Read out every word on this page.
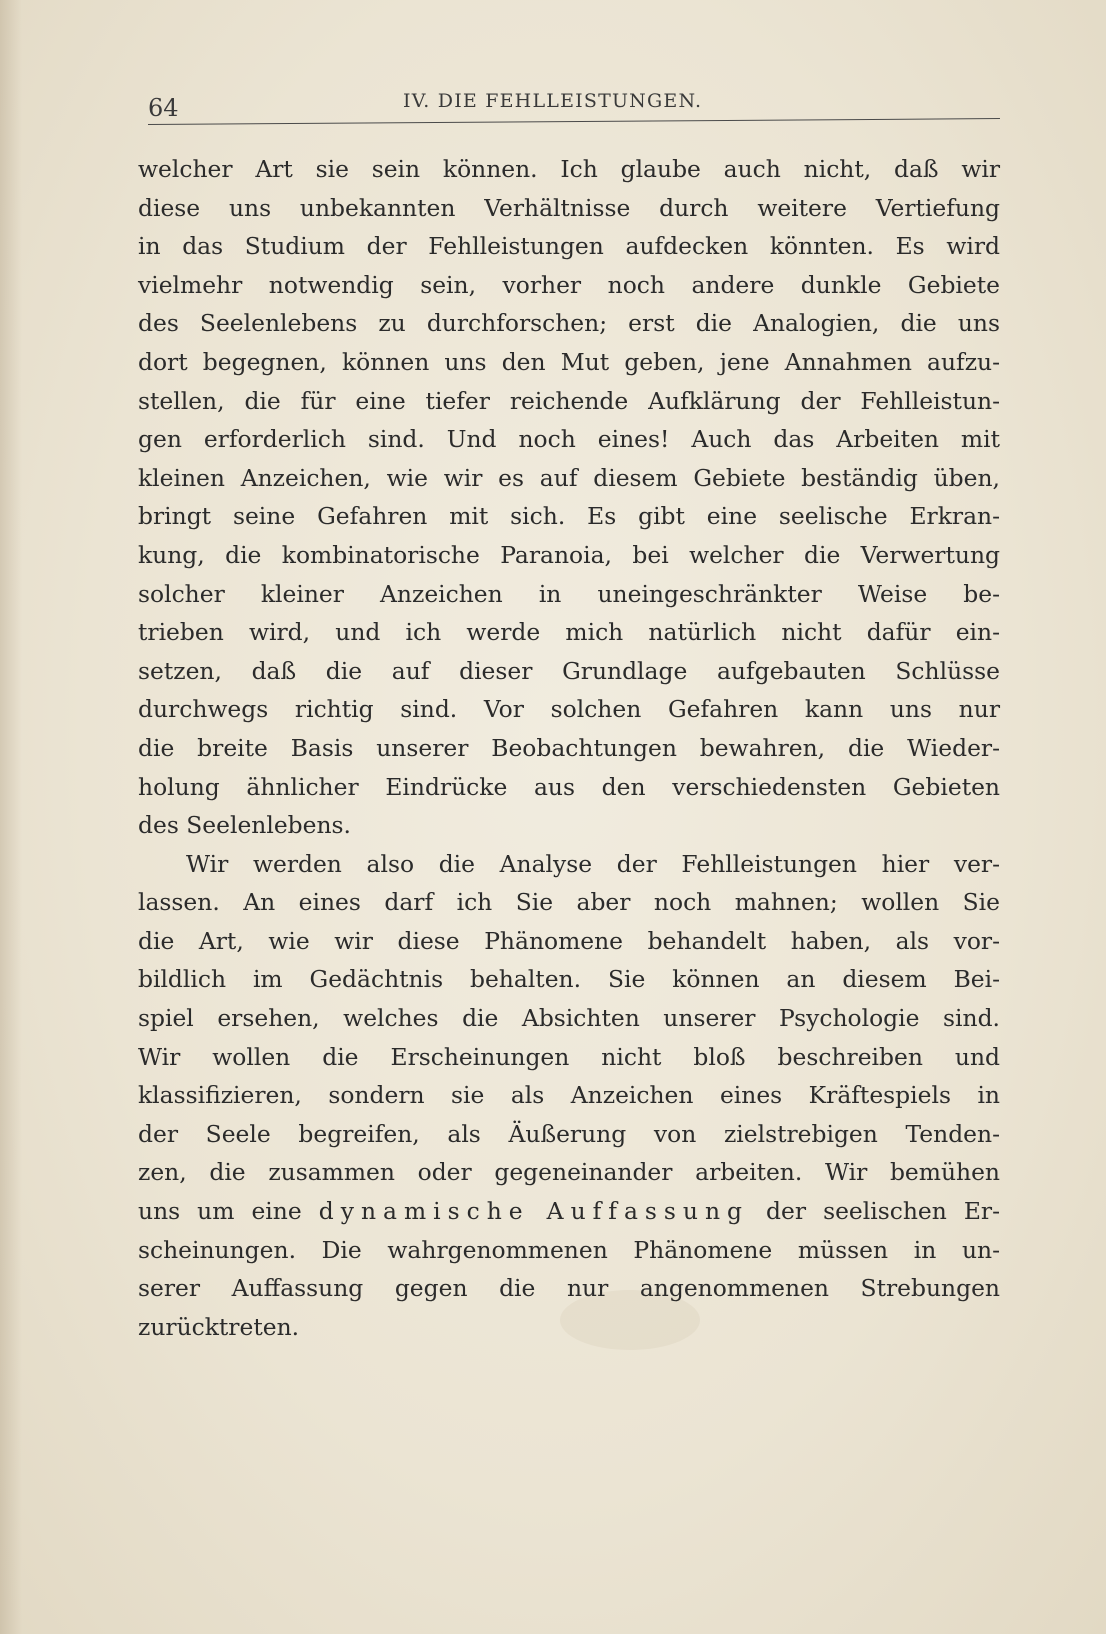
64	IV. DIE FEHLLEISTUNGEN.
welcher Art sie sein können. Ich glaube auch nicht, daß wir
diese uns unbekannten Verhältnisse durch weitere Vertiefung
in das Studium der Fehlleistungen aufdecken könnten. Es wird
vielmehr notwendig sein, vorher noch andere dunkle Gebiete
des Seelenlebens zu durchforschen; erst die Analogien, die uns
dort begegnen, können uns den Mut geben, jene Annahmen aufzu-
stellen, die für eine tiefer reichende Aufklärung der Fehlleistun-
gen erforderlich sind. Und noch eines! Auch das Arbeiten mit
kleinen Anzeichen, wie wir es auf diesem Gebiete beständig üben,
bringt seine Gefahren mit sich. Es gibt eine seelische Erkran-
kung, die kombinatorische Paranoia, bei welcher die Verwertung
solcher kleiner Anzeichen in uneingeschränkter Weise be-
trieben wird, und ich werde mich natürlich nicht dafür ein-
setzen, daß die auf dieser Grundlage aufgebauten Schlüsse
durchwegs richtig sind. Vor solchen Gefahren kann uns nur
die breite Basis unserer Beobachtungen bewahren, die Wieder-
holung ähnlicher Eindrücke aus den verschiedensten Gebieten
des Seelenlebens.
Wir werden also die Analyse der Fehlleistungen hier ver-
lassen. An eines darf ich Sie aber noch mahnen; wollen Sie
die Art, wie wir diese Phänomene behandelt haben, als vor-
bildlich im Gedächtnis behalten. Sie können an diesem Bei-
spiel ersehen, welches die Absichten unserer Psychologie sind.
Wir wollen die Erscheinungen nicht bloß beschreiben und
klassifizieren, sondern sie als Anzeichen eines Kräftespiels in
der Seele begreifen, als Äußerung von zielstrebigen Tenden-
zen, die zusammen oder gegeneinander arbeiten. Wir bemühen
uns um eine dynamische Auffassung der seelischen Er-
scheinungen. Die wahrgenommenen Phänomene müssen in un-
serer Auffassung gegen die nur angenommenen Strebungen
zurücktreten.
